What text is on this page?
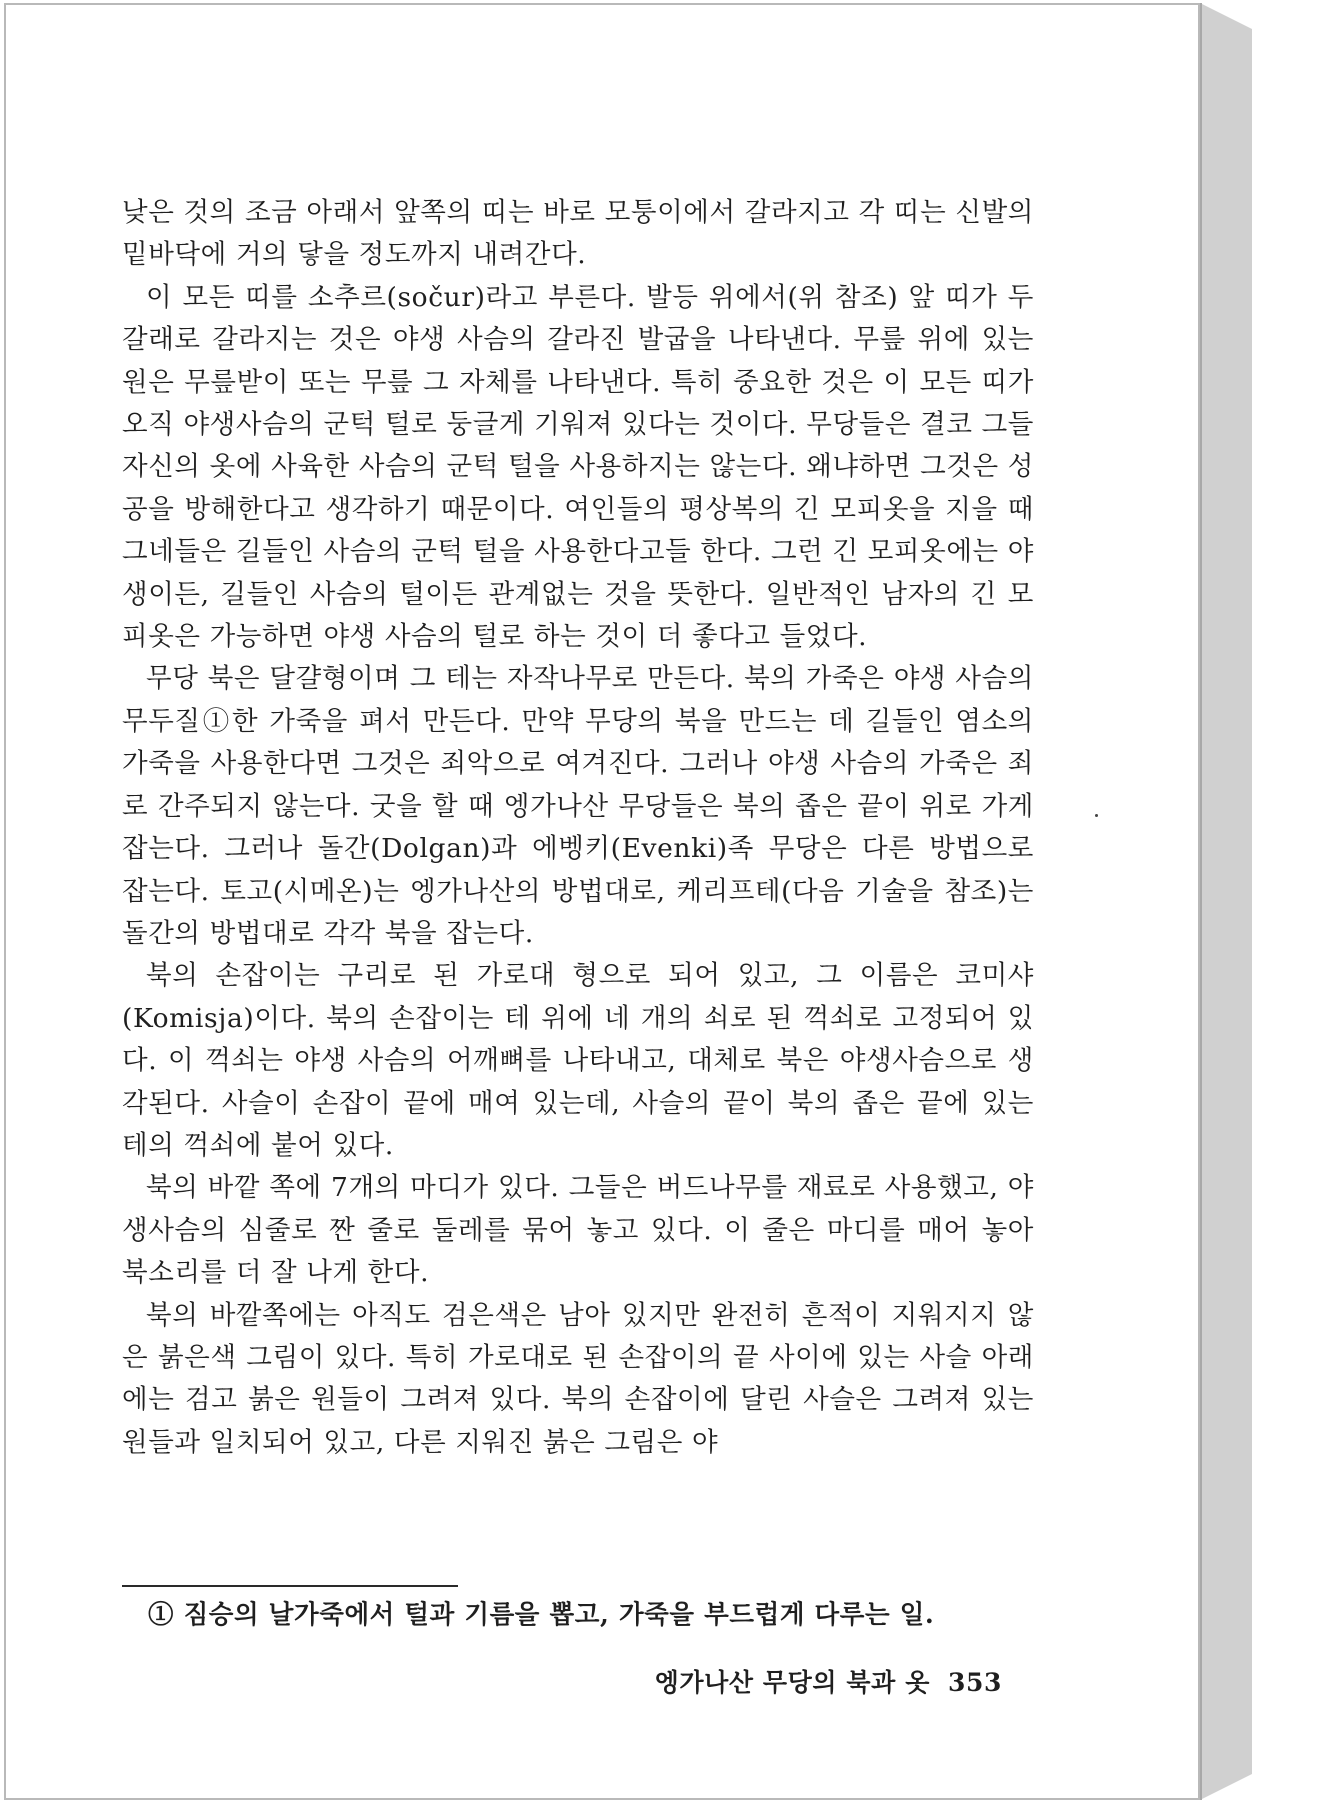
낮은 것의 조금 아래서 앞쪽의 띠는 바로 모퉁이에서 갈라지고 각 띠는 신발의 밑바닥에 거의 닿을 정도까지 내려간다.

이 모든 띠를 소추르(sočur)라고 부른다. 발등 위에서(위 참조) 앞 띠가 두 갈래로 갈라지는 것은 야생 사슴의 갈라진 발굽을 나타낸다. 무릎 위에 있는 원은 무릎받이 또는 무릎 그 자체를 나타낸다. 특히 중요한 것은 이 모든 띠가 오직 야생사슴의 군턱 털로 둥글게 기워져 있다는 것이다. 무당들은 결코 그들 자신의 옷에 사육한 사슴의 군턱 털을 사용하지는 않는다. 왜냐하면 그것은 성공을 방해한다고 생각하기 때문이다. 여인들의 평상복의 긴 모피옷을 지을 때 그네들은 길들인 사슴의 군턱 털을 사용한다고들 한다. 그런 긴 모피옷에는 야생이든, 길들인 사슴의 털이든 관계없는 것을 뜻한다. 일반적인 남자의 긴 모피옷은 가능하면 야생 사슴의 털로 하는 것이 더 좋다고 들었다.

무당 북은 달걀형이며 그 테는 자작나무로 만든다. 북의 가죽은 야생 사슴의 무두질①한 가죽을 펴서 만든다. 만약 무당의 북을 만드는 데 길들인 염소의 가죽을 사용한다면 그것은 죄악으로 여겨진다. 그러나 야생 사슴의 가죽은 죄로 간주되지 않는다. 굿을 할 때 엥가나산 무당들은 북의 좁은 끝이 위로 가게 잡는다. 그러나 돌간(Dolgan)과 에벵키(Evenki)족 무당은 다른 방법으로 잡는다. 토고(시메온)는 엥가나산의 방법대로, 케리프테(다음 기술을 참조)는 돌간의 방법대로 각각 북을 잡는다.

북의 손잡이는 구리로 된 가로대 형으로 되어 있고, 그 이름은 코미샤(Komisja)이다. 북의 손잡이는 테 위에 네 개의 쇠로 된 꺽쇠로 고정되어 있다. 이 꺽쇠는 야생 사슴의 어깨뼈를 나타내고, 대체로 북은 야생사슴으로 생각된다. 사슬이 손잡이 끝에 매여 있는데, 사슬의 끝이 북의 좁은 끝에 있는 테의 꺽쇠에 붙어 있다.

북의 바깥 쪽에 7개의 마디가 있다. 그들은 버드나무를 재료로 사용했고, 야생사슴의 심줄로 짠 줄로 둘레를 묶어 놓고 있다. 이 줄은 마디를 매어 놓아 북소리를 더 잘 나게 한다.

북의 바깥쪽에는 아직도 검은색은 남아 있지만 완전히 흔적이 지워지지 않은 붉은색 그림이 있다. 특히 가로대로 된 손잡이의 끝 사이에 있는 사슬 아래에는 검고 붉은 원들이 그려져 있다. 북의 손잡이에 달린 사슬은 그려져 있는 원들과 일치되어 있고, 다른 지워진 붉은 그림은 야

① 짐승의 날가죽에서 털과 기름을 뽑고, 가죽을 부드럽게 다루는 일.
엥가나산 무당의 북과 옷 353
